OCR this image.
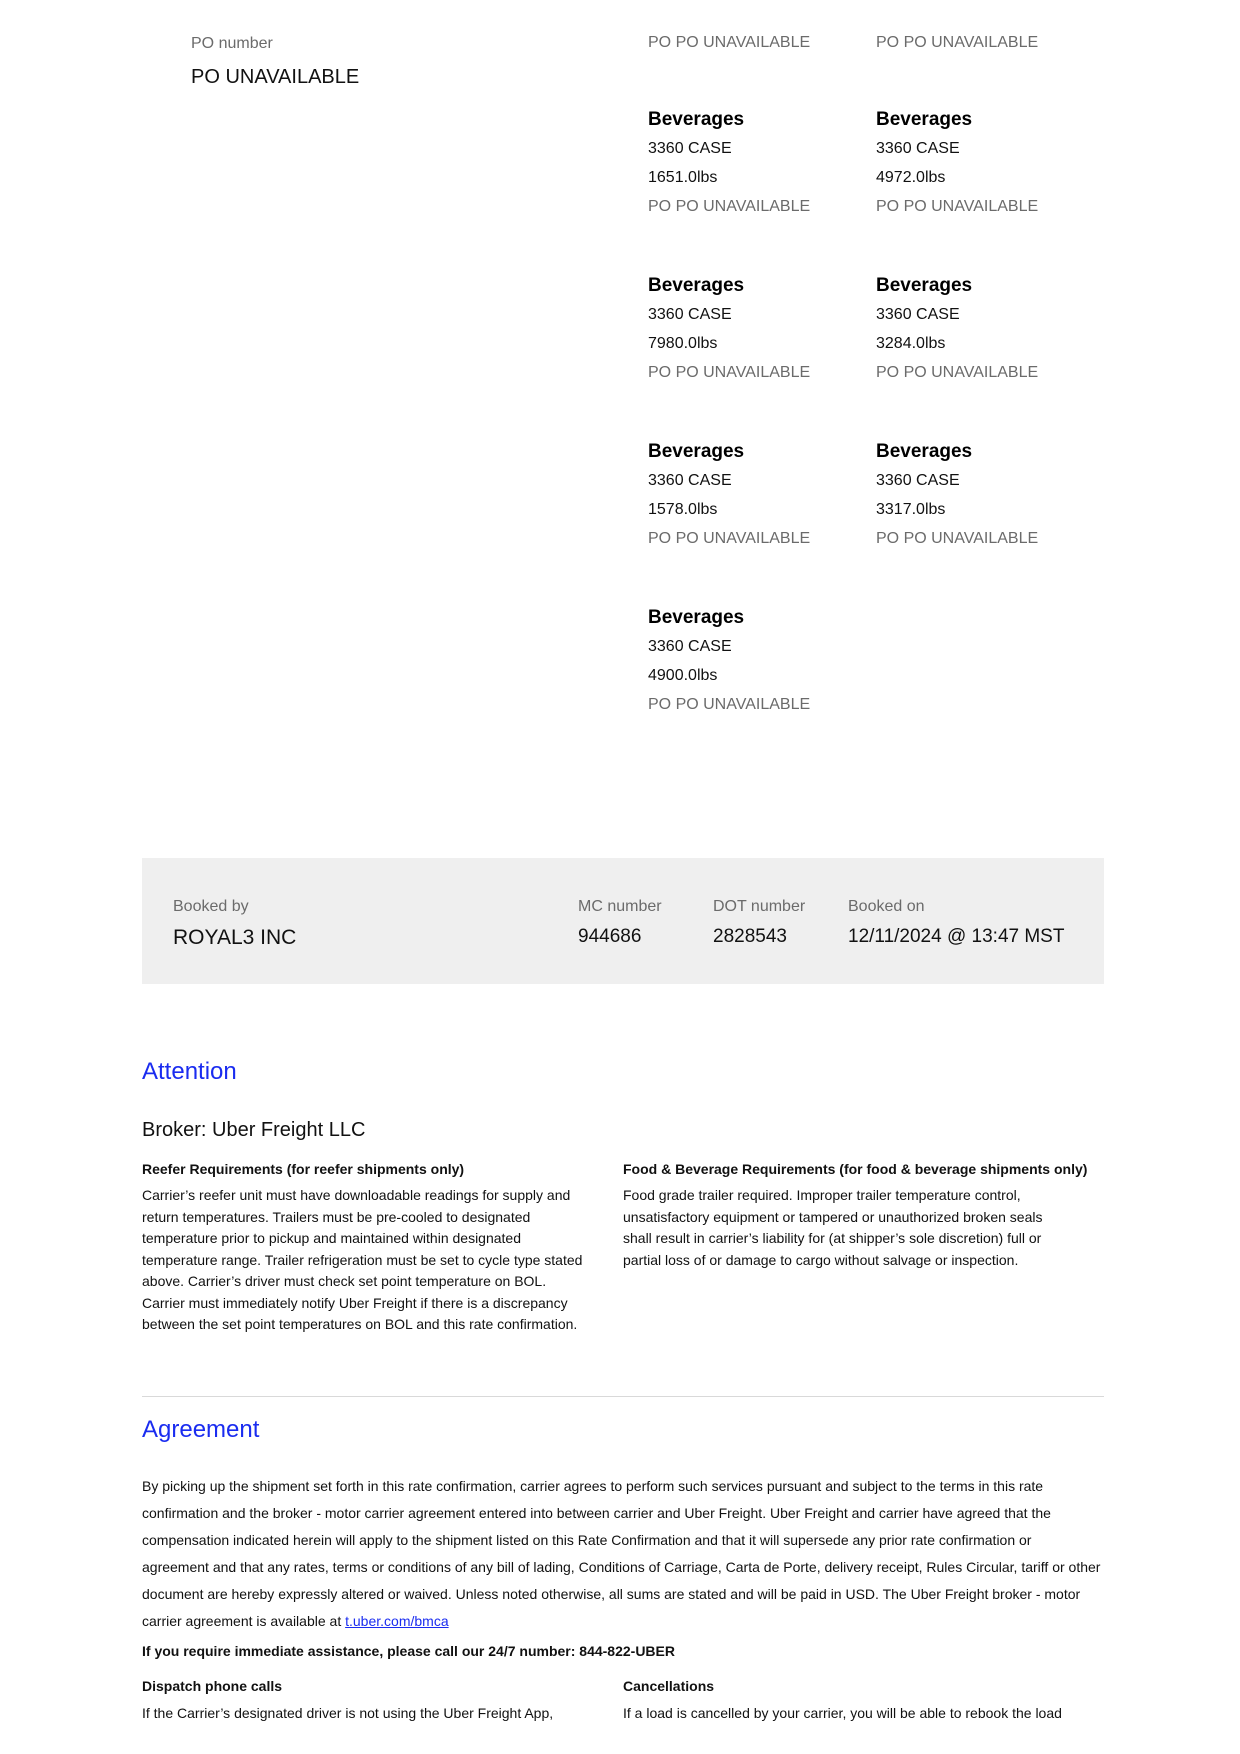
PO number
PO UNAVAILABLE
PO PO UNAVAILABLE	PO PO UNAVAILABLE
Beverages
3360 CASE
1651.0lbs
PO PO UNAVAILABLE
Beverages
3360 CASE
4972.0lbs
PO PO UNAVAILABLE
Beverages
3360 CASE
7980.0lbs
PO PO UNAVAILABLE
Beverages
3360 CASE
3284.0lbs
PO PO UNAVAILABLE
Beverages
3360 CASE
1578.0lbs
PO PO UNAVAILABLE
Beverages
3360 CASE
3317.0lbs
PO PO UNAVAILABLE
Beverages
3360 CASE
4900.0lbs
PO PO UNAVAILABLE
Booked by
ROYAL3 INC
MC number
944686
DOT number
2828543
Booked on
12/11/2024 @ 13:47 MST
Attention
Broker: Uber Freight LLC
Reefer Requirements (for reefer shipments only)
Carrier’s reefer unit must have downloadable readings for supply and return temperatures. Trailers must be pre-cooled to designated temperature prior to pickup and maintained within designated temperature range. Trailer refrigeration must be set to cycle type stated above. Carrier’s driver must check set point temperature on BOL. Carrier must immediately notify Uber Freight if there is a discrepancy between the set point temperatures on BOL and this rate confirmation.
Food & Beverage Requirements (for food & beverage shipments only)
Food grade trailer required. Improper trailer temperature control, unsatisfactory equipment or tampered or unauthorized broken seals shall result in carrier’s liability for (at shipper’s sole discretion) full or partial loss of or damage to cargo without salvage or inspection.
Agreement
By picking up the shipment set forth in this rate confirmation, carrier agrees to perform such services pursuant and subject to the terms in this rate confirmation and the broker - motor carrier agreement entered into between carrier and Uber Freight. Uber Freight and carrier have agreed that the compensation indicated herein will apply to the shipment listed on this Rate Confirmation and that it will supersede any prior rate confirmation or agreement and that any rates, terms or conditions of any bill of lading, Conditions of Carriage, Carta de Porte, delivery receipt, Rules Circular, tariff or other document are hereby expressly altered or waived. Unless noted otherwise, all sums are stated and will be paid in USD. The Uber Freight broker - motor carrier agreement is available at t.uber.com/bmca
If you require immediate assistance, please call our 24/7 number: 844-822-UBER
Dispatch phone calls
If the Carrier’s designated driver is not using the Uber Freight App,
Cancellations
If a load is cancelled by your carrier, you will be able to rebook the load
